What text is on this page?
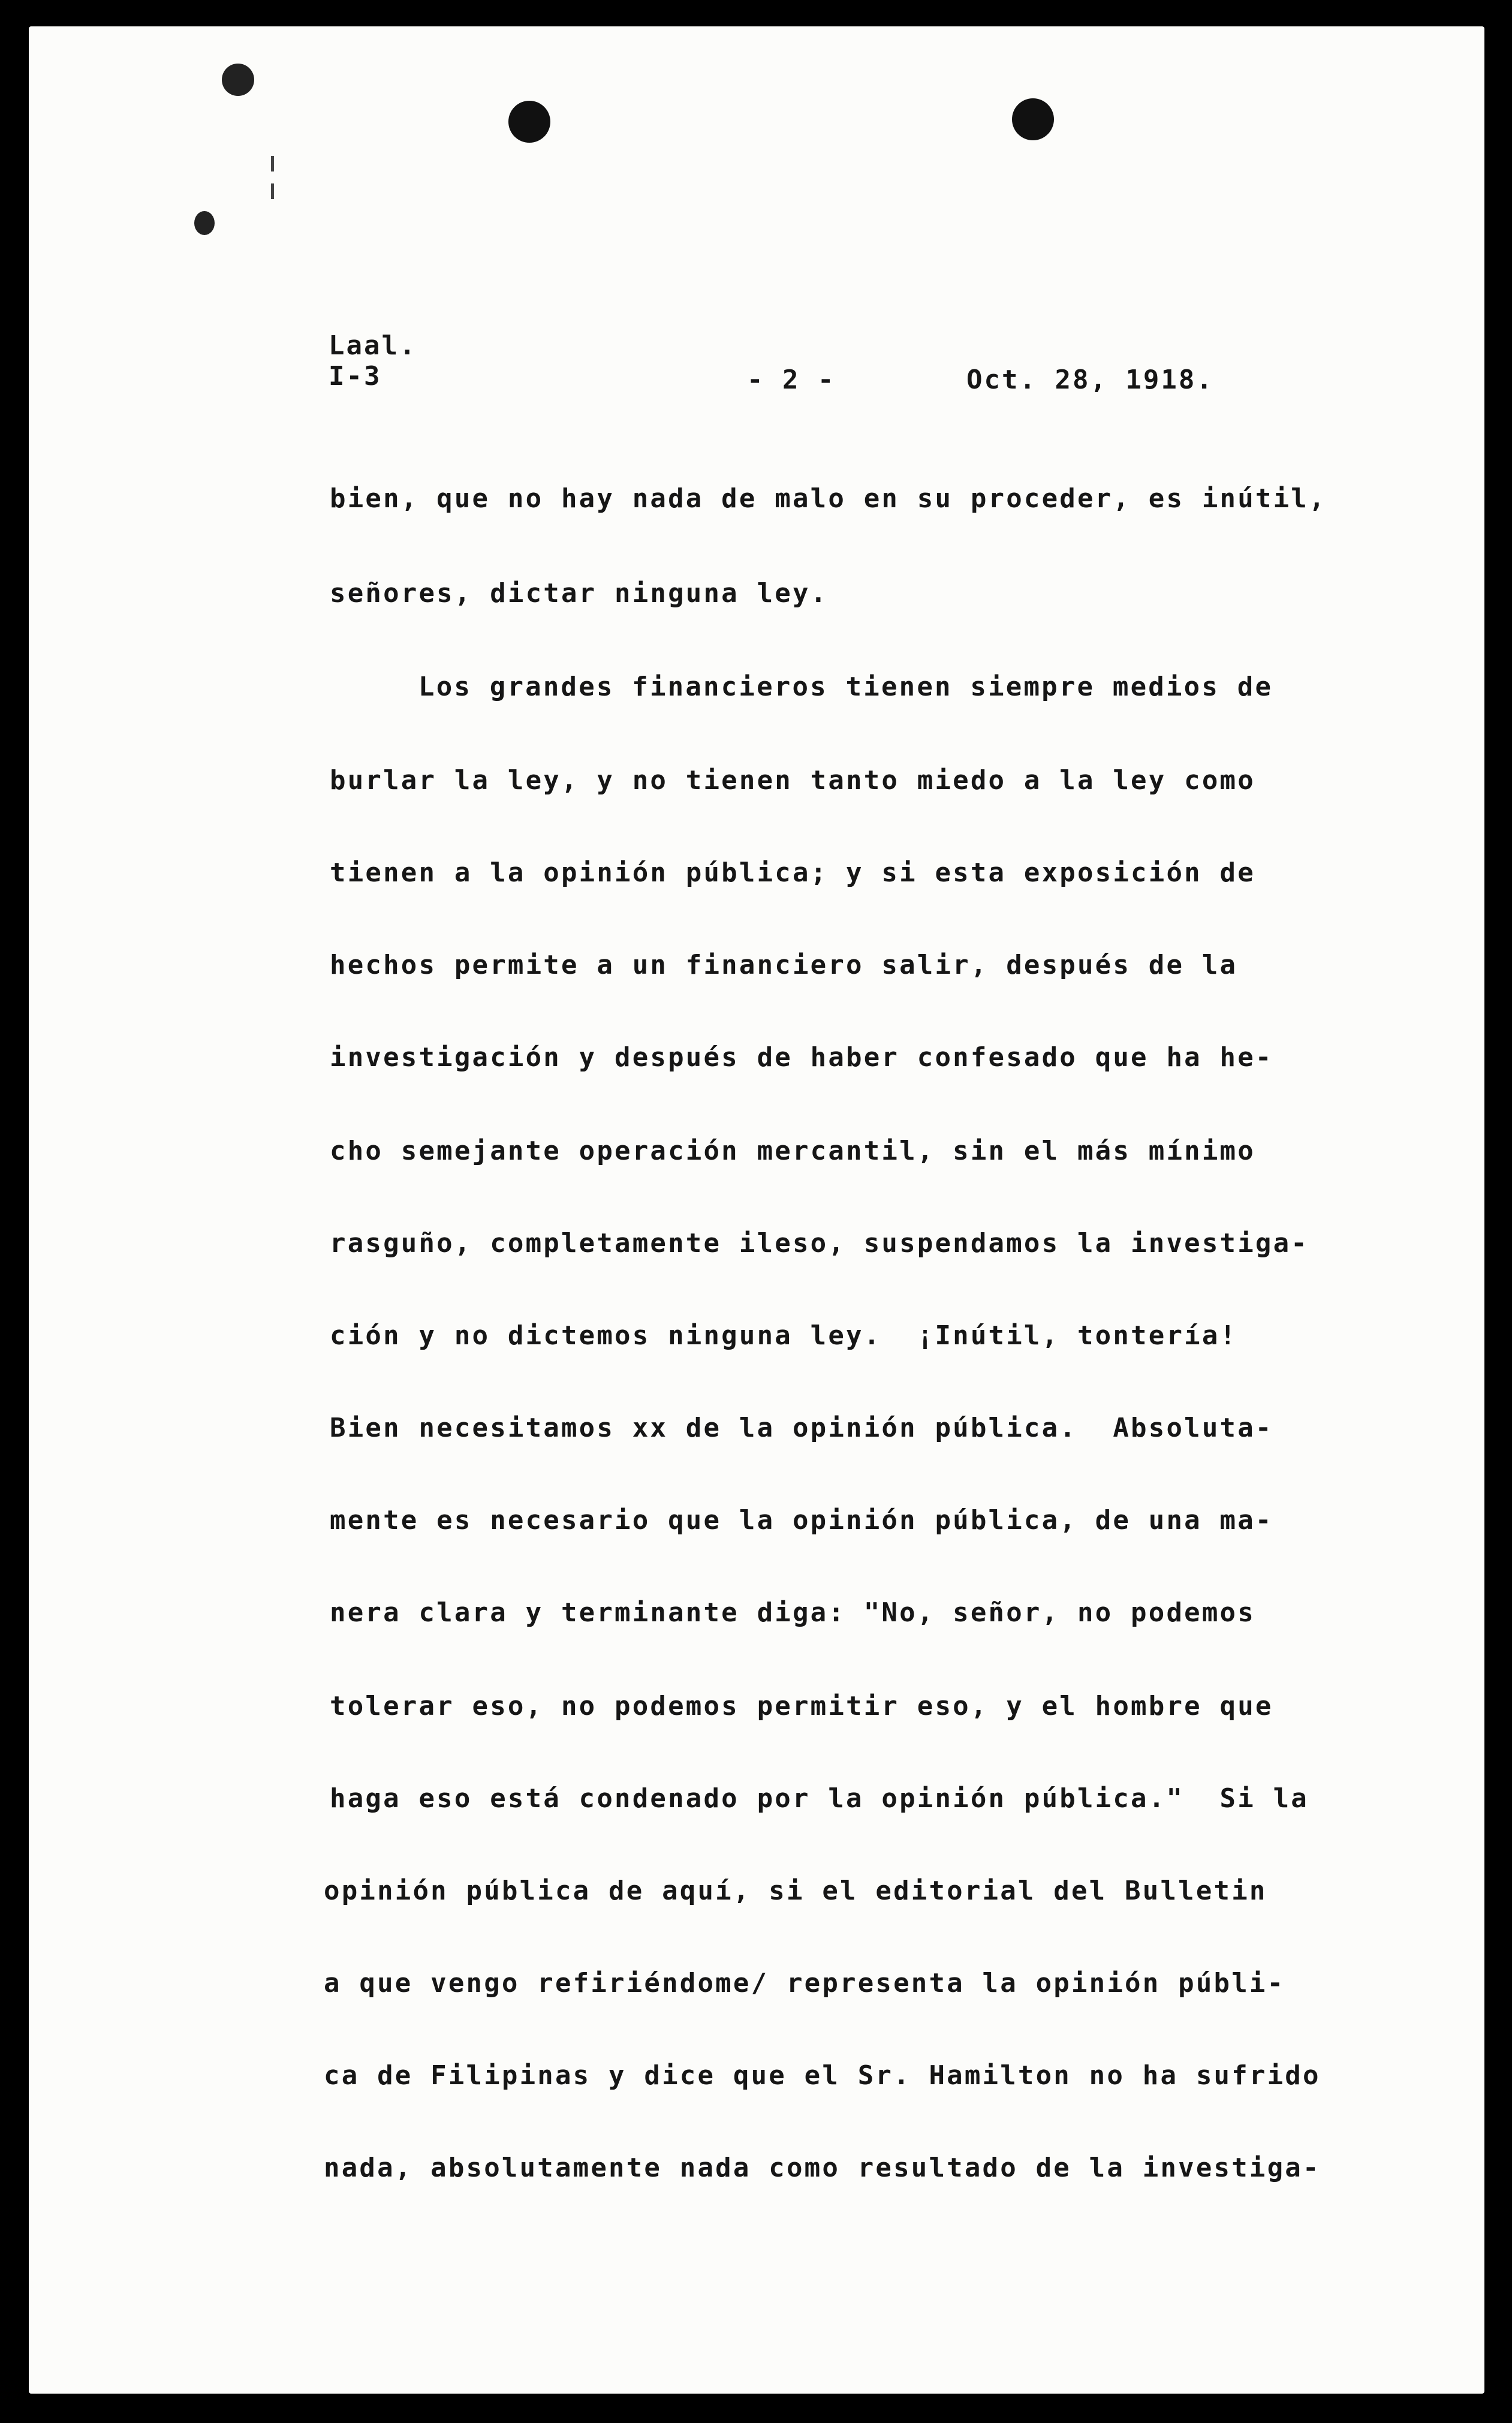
Laal.
I-3	- 2 -	Oct. 28, 1918.
bien, que no hay nada de malo en su proceder, es inútil,
señores, dictar ninguna ley.
Los grandes financieros tienen siempre medios de
burlar la ley, y no tienen tanto miedo a la ley como
tienen a la opinión pública; y si esta exposición de
hechos permite a un financiero salir, después de la
investigación y después de haber confesado que ha he-
cho semejante operación mercantil, sin el más mínimo
rasguño, completamente ileso, suspendamos la investiga-
ción y no dictemos ninguna ley.  ¡Inútil, tontería!
Bien necesitamos xx de la opinión pública.  Absoluta-
mente es necesario que la opinión pública, de una ma-
nera clara y terminante diga: "No, señor, no podemos
tolerar eso, no podemos permitir eso, y el hombre que
haga eso está condenado por la opinión pública."  Si la
opinión pública de aquí, si el editorial del Bulletin
a que vengo refiriéndome/ representa la opinión públi-
ca de Filipinas y dice que el Sr. Hamilton no ha sufrido
nada, absolutamente nada como resultado de la investiga-
